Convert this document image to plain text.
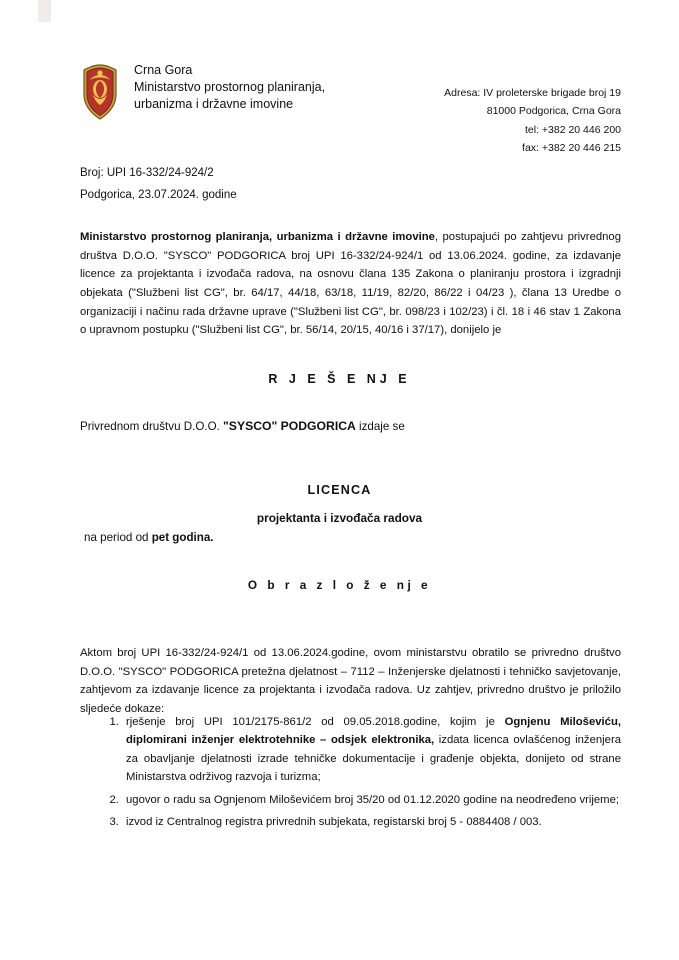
Crna Gora
Ministarstvo prostornog planiranja,
urbanizma i državne imovine
Adresa: IV proleterske brigade broj 19
81000 Podgorica, Crna Gora
tel: +382 20 446 200
fax: +382 20 446 215
Broj: UPI 16-332/24-924/2
Podgorica, 23.07.2024. godine
Ministarstvo prostornog planiranja, urbanizma i državne imovine, postupajući po zahtjevu privrednog društva D.O.O. "SYSCO" PODGORICA broj UPI 16-332/24-924/1 od 13.06.2024. godine, za izdavanje licence za projektanta i izvođača radova, na osnovu člana 135 Zakona o planiranju prostora i izgradnji objekata ("Službeni list CG", br. 64/17, 44/18, 63/18, 11/19, 82/20, 86/22 i 04/23 ), člana 13 Uredbe o organizaciji i načinu rada državne uprave ("Službeni list CG", br. 098/23 i 102/23) i čl. 18 i 46 stav 1 Zakona o upravnom postupku ("Službeni list CG", br. 56/14, 20/15, 40/16 i 37/17), donijelo je
R J E Š E NJ E
Privrednom društvu D.O.O. "SYSCO" PODGORICA izdaje se
LICENCA
projektanta i izvođača radova
na period od pet godina.
O b r a z l o ž e nj e
Aktom broj UPI 16-332/24-924/1 od 13.06.2024.godine, ovom ministarstvu obratilo se privredno društvo D.O.O. "SYSCO" PODGORICA pretežna djelatnost – 7112 – Inženjerske djelatnosti i tehničko savjetovanje, zahtjevom za izdavanje licence za projektanta i izvođača radova. Uz zahtjev, privredno društvo je priložilo sljedeće dokaze:
1. rješenje broj UPI 101/2175-861/2 od 09.05.2018.godine, kojim je Ognjenu Miloševiću, diplomirani inženjer elektrotehnike – odsjek elektronika, izdata licenca ovlašćenog inženjera za obavljanje djelatnosti izrade tehničke dokumentacije i građenje objekta, donijeto od strane Ministarstva održivog razvoja i turizma;
2. ugovor o radu sa Ognjenom Miloševićem broj 35/20 od 01.12.2020 godine na neodređeno vrijeme;
3. izvod iz Centralnog registra privrednih subjekata, registarski broj 5 - 0884408 / 003.
